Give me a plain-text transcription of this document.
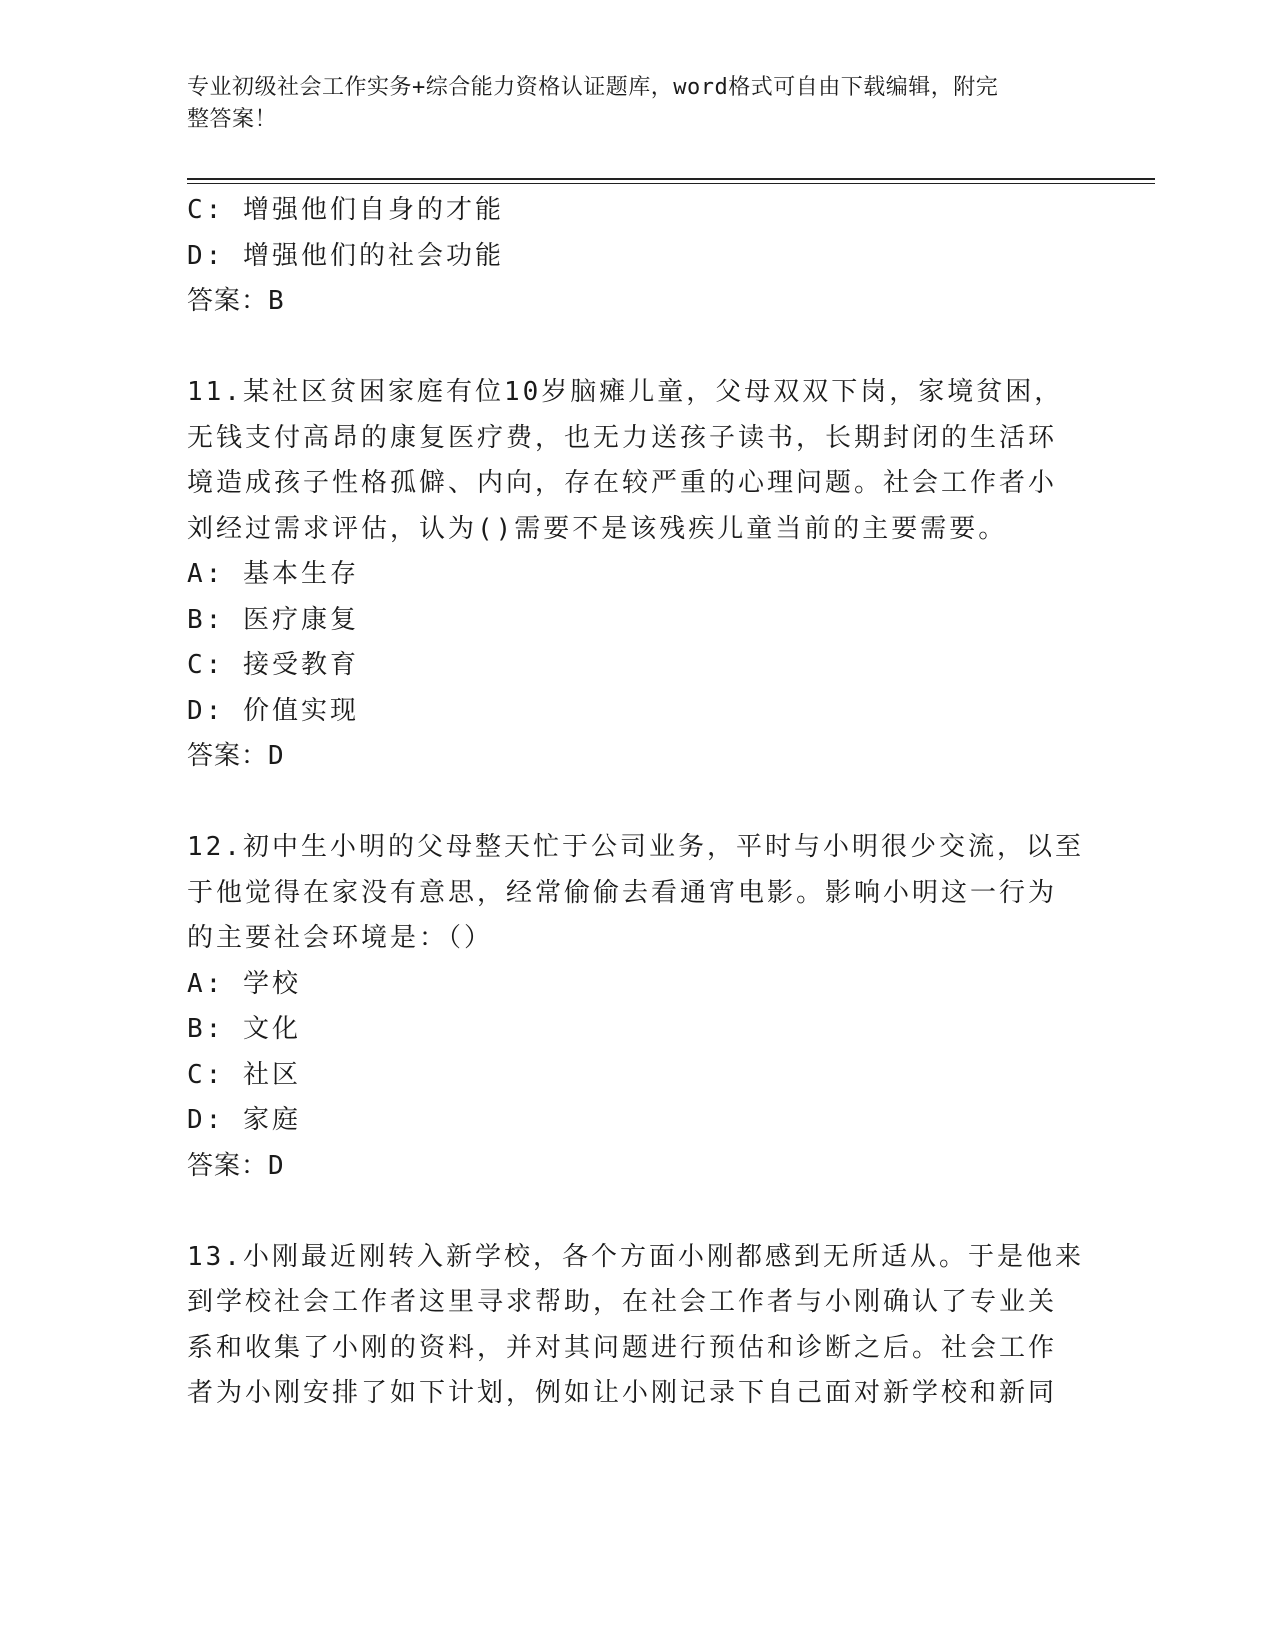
专业初级社会工作实务+综合能力资格认证题库，word格式可自由下载编辑，附完
整答案！
C: 增强他们自身的才能
D: 增强他们的社会功能
答案：B
11.某社区贫困家庭有位10岁脑瘫儿童，父母双双下岗，家境贫困，
无钱支付高昂的康复医疗费，也无力送孩子读书，长期封闭的生活环
境造成孩子性格孤僻、内向，存在较严重的心理问题。社会工作者小
刘经过需求评估，认为()需要不是该残疾儿童当前的主要需要。
A: 基本生存
B: 医疗康复
C: 接受教育
D: 价值实现
答案：D
12.初中生小明的父母整天忙于公司业务，平时与小明很少交流，以至
于他觉得在家没有意思，经常偷偷去看通宵电影。影响小明这一行为
的主要社会环境是：（）
A: 学校
B: 文化
C: 社区
D: 家庭
答案：D
13.小刚最近刚转入新学校，各个方面小刚都感到无所适从。于是他来
到学校社会工作者这里寻求帮助，在社会工作者与小刚确认了专业关
系和收集了小刚的资料，并对其问题进行预估和诊断之后。社会工作
者为小刚安排了如下计划，例如让小刚记录下自己面对新学校和新同
